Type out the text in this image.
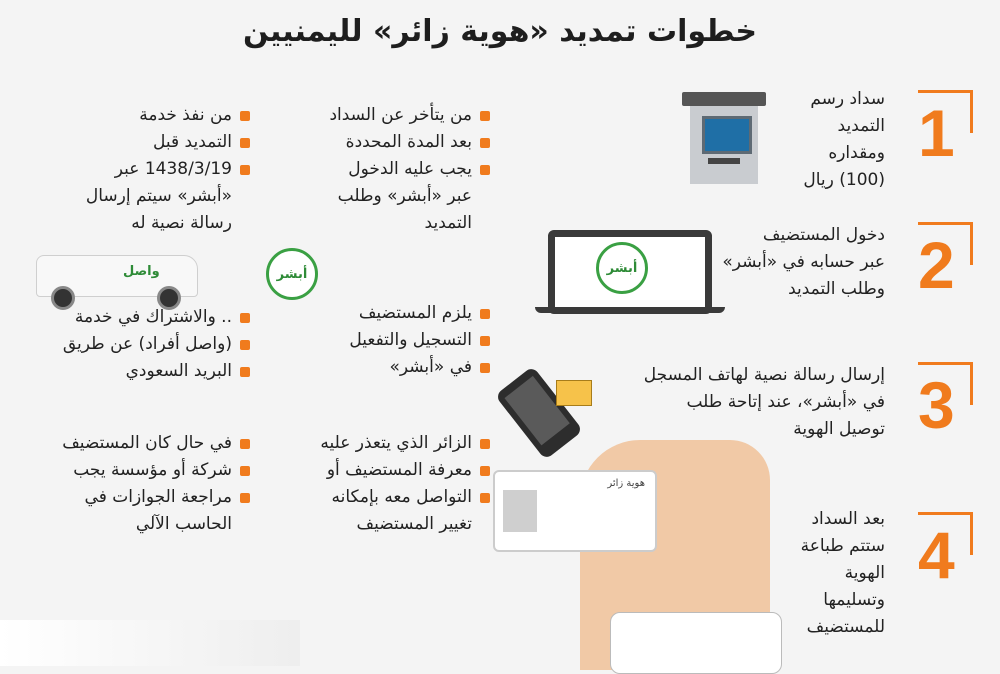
خطوات تمديد «هوية زائر» لليمنيين
1
2
3
4
سداد رسم
التمديد
ومقداره
(100) ريال
دخول المستضيف
عبر حسابه في «أبشر»
وطلب التمديد
إرسال رسالة نصية لهاتف المسجل
في «أبشر»، عند إتاحة طلب
توصيل الهوية
بعد السداد
ستتم طباعة
الهوية
وتسليمها
للمستضيف
أبشر
أبشر
هوية زائر
واصل
من يتأخر عن السداد
بعد المدة المحددة
يجب عليه الدخول
عبر «أبشر» وطلب
التمديد
من نفذ خدمة
التمديد قبل
1438/3/19 عبر
«أبشر» سيتم إرسال
رسالة نصية له
يلزم المستضيف
التسجيل والتفعيل
في «أبشر»
.. والاشتراك في خدمة
(واصل أفراد) عن طريق
البريد السعودي
الزائر الذي يتعذر عليه
معرفة المستضيف أو
التواصل معه بإمكانه
تغيير المستضيف
في حال كان المستضيف
شركة أو مؤسسة يجب
مراجعة الجوازات في
الحاسب الآلي
